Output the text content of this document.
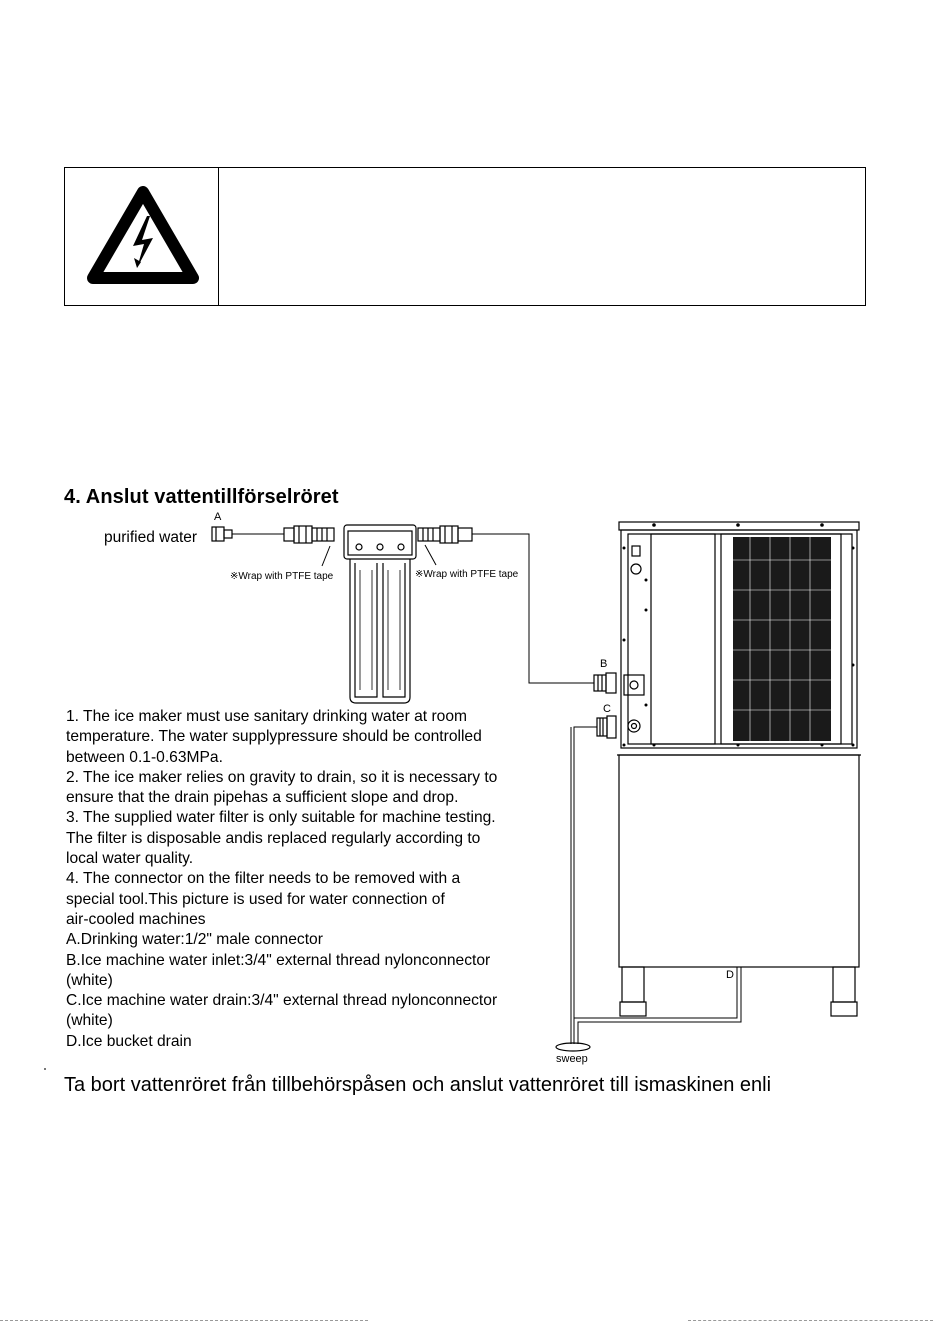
4. Anslut vattentillförselröret
A
purified water
※Wrap with PTFE tape	※Wrap with PTFE tape
B
C
D
sweep
1. The ice maker must use sanitary drinking water at room
temperature. The water supplypressure should be controlled
between 0.1-0.63MPa.
2. The ice maker relies on gravity to drain, so it is necessary to
ensure that the drain pipehas a sufficient slope and drop.
3. The supplied water filter is only suitable for machine testing.
The filter is disposable andis replaced regularly according to
local water quality.
4. The connector on the filter needs to be removed with a
special tool.This picture is used for water connection of
air-cooled machines
A.Drinking water:1/2" male connector
B.Ice machine water inlet:3/4" external thread nylonconnector
(white)
C.Ice machine water drain:3/4" external thread nylonconnector
(white)
D.Ice bucket drain
Ta bort vattenröret från tillbehörspåsen och anslut vattenröret till ismaskinen enli
